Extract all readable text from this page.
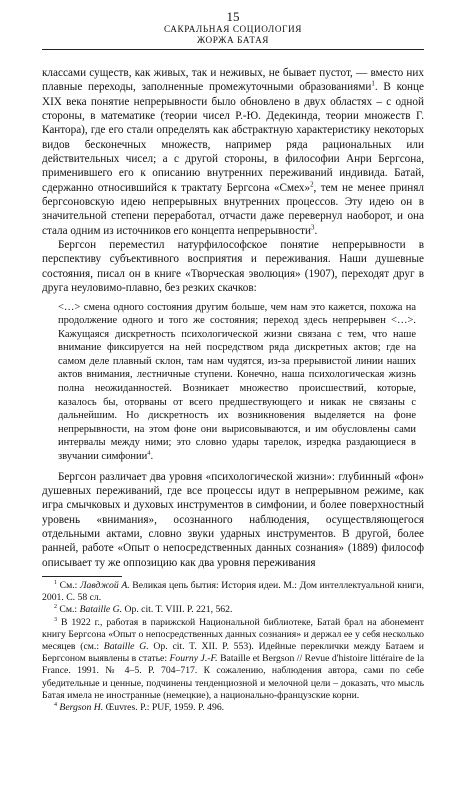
15
САКРАЛЬНАЯ СОЦИОЛОГИЯ
ЖОРЖА БАТАЯ

классами существ, как живых, так и неживых, не бывает пустот, — вместо них плавные переходы, заполненные промежуточными образованиями$^1$. В конце XIX века понятие непрерывности было обновлено в двух областях – с одной стороны, в математике (теории чисел Р.-Ю. Дедекинда, теории множеств Г. Кантора), где его стали определять как абстрактную характеристику некоторых видов бесконечных множеств, например ряда рациональных или действительных чисел; а с другой стороны, в философии Анри Бергсона, применившего его к описанию внутренних переживаний индивида. Батай, сдержанно относившийся к трактату Бергсона «Смех»$^2$, тем не менее принял бергсоновскую идею непрерывных внутренних процессов. Эту идею он в значительной степени переработал, отчасти даже перевернул наоборот, и она стала одним из источников его концепта непрерывности$^3$.

Бергсон переместил натурфилософское понятие непрерывности в перспективу субъективного восприятия и переживания. Наши душевные состояния, писал он в книге «Творческая эволюция» (1907), переходят друг в друга неуловимо-плавно, без резких скачков:

<…> смена одного состояния другим больше, чем нам это кажется, похожа на продолжение одного и того же состояния; переход здесь непрерывен <…>. Кажущаяся дискретность психологической жизни связана с тем, что наше внимание фиксируется на ней посредством ряда дискретных актов; где на самом деле плавный склон, там нам чудятся, из-за прерывистой линии наших актов внимания, лестничные ступени. Конечно, наша психологическая жизнь полна неожиданностей. Возникает множество происшествий, которые, казалось бы, оторваны от всего предшествующего и никак не связаны с дальнейшим. Но дискретность их возникновения выделяется на фоне непрерывности, на этом фоне они вырисовываются, и им обусловлены сами интервалы между ними; это словно удары тарелок, изредка раздающиеся в звучании симфонии$^4$.

Бергсон различает два уровня «психологической жизни»: глубинный «фон» душевных переживаний, где все процессы идут в непрерывном режиме, как игра смычковых и духовых инструментов в симфонии, и более поверхностный уровень «внимания», осознанного наблюдения, осуществляющегося отдельными актами, словно звуки ударных инструментов. В другой, более ранней, работе «Опыт о непосредственных данных сознания» (1889) философ описывает ту же оппозицию как два уровня переживания

$^1$ См.: Лавджой А. Великая цепь бытия: История идеи. М.: Дом интеллектуальной книги, 2001. С. 58 сл.

$^2$ См.: Bataille G. Op. cit. T. VIII. P. 221, 562.

$^3$ В 1922 г., работая в парижской Национальной библиотеке, Батай брал на абонемент книгу Бергсона «Опыт о непосредственных данных сознания» и держал ее у себя несколько месяцев (см.: Bataille G. Op. cit. T. XII. P. 553). Идейные переклички между Батаем и Бергсоном выявлены в статье: Fourny J.-F. Bataille et Bergson // Revue d'histoire littéraire de la France. 1991. № 4–5. P. 704–717. К сожалению, наблюдения автора, сами по себе убедительные и ценные, подчинены тенденциозной и мелочной цели – доказать, что мысль Батая имела не иностранные (немецкие), а национально-французские корни.

$^4$ Bergson H. Œuvres. P.: PUF, 1959. P. 496.
